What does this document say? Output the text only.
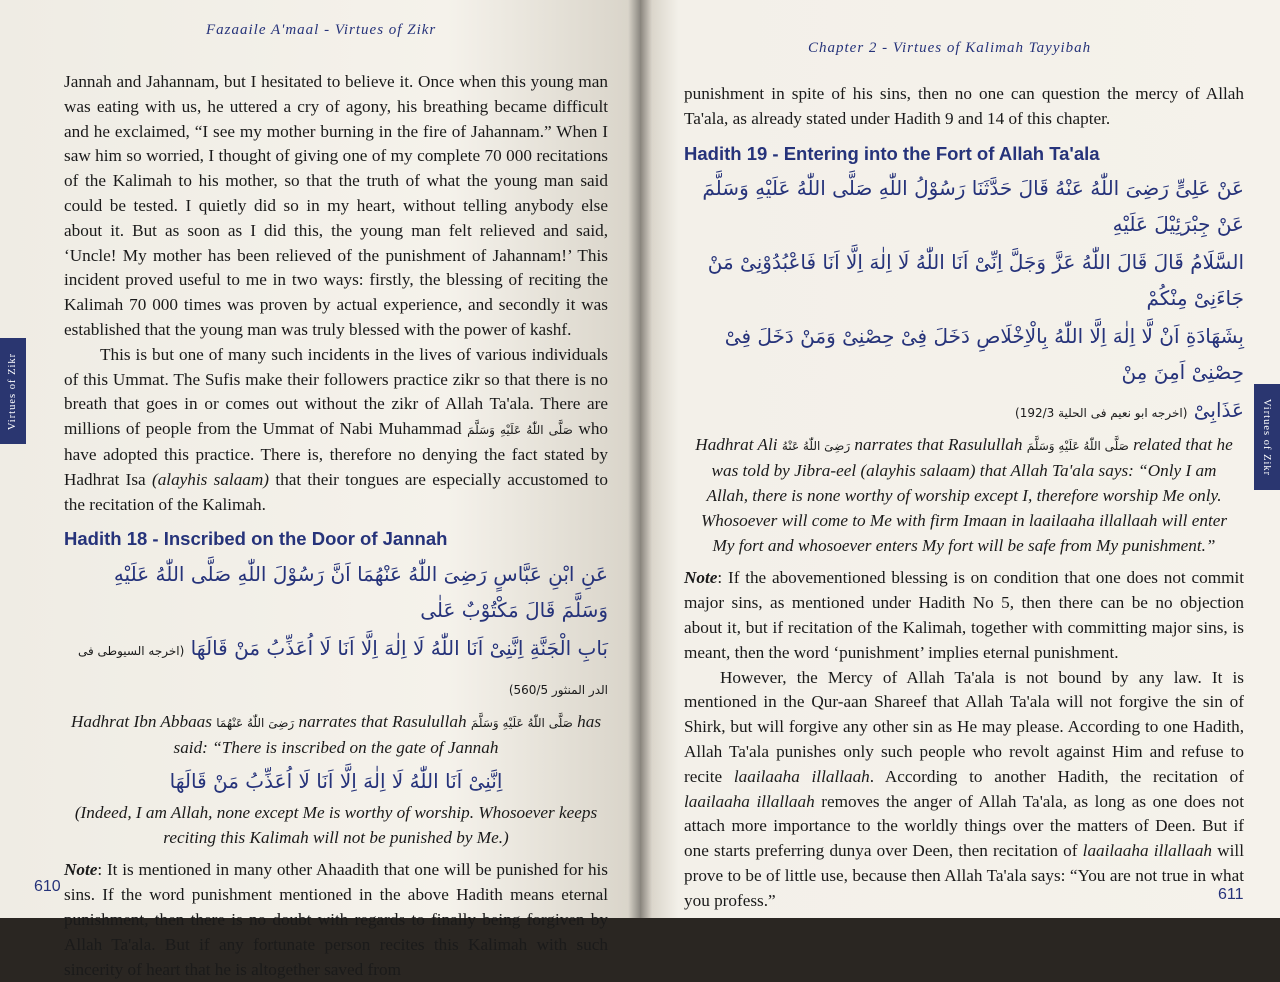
Fazaaile A'maal - Virtues of Zikr
Virtues of Zikr

Jannah and Jahannam, but I hesitated to believe it. Once when this young man was eating with us, he uttered a cry of agony, his breathing became difficult and he exclaimed, “I see my mother burning in the fire of Jahannam.” When I saw him so worried, I thought of giving one of my complete 70 000 recitations of the Kalimah to his mother, so that the truth of what the young man said could be tested. I quietly did so in my heart, without telling anybody else about it. But as soon as I did this, the young man felt relieved and said, ‘Uncle! My mother has been relieved of the punishment of Jahannam!’ This incident proved useful to me in two ways: firstly, the blessing of reciting the Kalimah 70 000 times was proven by actual experience, and secondly it was established that the young man was truly blessed with the power of kashf.

This is but one of many such incidents in the lives of various individuals of this Ummat. The Sufis make their followers practice zikr so that there is no breath that goes in or comes out without the zikr of Allah Ta'ala. There are millions of people from the Ummat of Nabi Muhammad صَلَّى اللّٰهُ عَلَيْهِ وَسَلَّمَ who have adopted this practice. There is, therefore no denying the fact stated by Hadhrat Isa (alayhis salaam) that their tongues are especially accustomed to the recitation of the Kalimah.

Hadith 18 - Inscribed on the Door of Jannah
عَنِ ابْنِ عَبَّاسٍ رَضِىَ اللّٰهُ عَنْهُمَا اَنَّ رَسُوْلَ اللّٰهِ صَلَّى اللّٰهُ عَلَيْهِ وَسَلَّمَ قَالَ مَكْتُوْبٌ عَلٰى
بَابِ الْجَنَّةِ اِنَّنِىْ اَنَا اللّٰهُ لَا اِلٰهَ اِلَّا اَنَا لَا اُعَذِّبُ مَنْ قَالَهَا (اخرجه السيوطى فى الدر المنثور 560/5)

Hadhrat Ibn Abbaas رَضِىَ اللّٰهُ عَنْهُمَا narrates that Rasulullah صَلَّى اللّٰهُ عَلَيْهِ وَسَلَّمَ has said: “There is inscribed on the gate of Jannah

اِنَّنِىْ اَنَا اللّٰهُ لَا اِلٰهَ اِلَّا اَنَا لَا اُعَذِّبُ مَنْ قَالَهَا

(Indeed, I am Allah, none except Me is worthy of worship. Whosoever keeps reciting this Kalimah will not be punished by Me.)

Note: It is mentioned in many other Ahaadith that one will be punished for his sins. If the word punishment mentioned in the above Hadith means eternal punishment, then there is no doubt with regards to finally being forgiven by Allah Ta'ala. But if any fortunate person recites this Kalimah with such sincerity of heart that he is altogether saved from

610
Chapter 2 - Virtues of Kalimah Tayyibah
Virtues of Zikr

punishment in spite of his sins, then no one can question the mercy of Allah Ta'ala, as already stated under Hadith 9 and 14 of this chapter.

Hadith 19 - Entering into the Fort of Allah Ta'ala
عَنْ عَلِىٍّ رَضِىَ اللّٰهُ عَنْهُ قَالَ حَدَّثَنَا رَسُوْلُ اللّٰهِ صَلَّى اللّٰهُ عَلَيْهِ وَسَلَّمَ عَنْ جِبْرَئِيْلَ عَلَيْهِ
السَّلَامُ قَالَ قَالَ اللّٰهُ عَزَّ وَجَلَّ اِنِّىْ اَنَا اللّٰهُ لَا اِلٰهَ اِلَّا اَنَا فَاعْبُدُوْنِىْ مَنْ جَاءَنِىْ مِنْكُمْ
بِشَهَادَةِ اَنْ لَّا اِلٰهَ اِلَّا اللّٰهُ بِالْاِخْلَاصِ دَخَلَ فِىْ حِصْنِىْ وَمَنْ دَخَلَ فِىْ حِصْنِىْ اَمِنَ مِنْ
عَذَابِىْ (اخرجه ابو نعيم فى الحلية 192/3)

Hadhrat Ali رَضِىَ اللّٰهُ عَنْهُ narrates that Rasulullah صَلَّى اللّٰهُ عَلَيْهِ وَسَلَّمَ related that he was told by Jibra-eel (alayhis salaam) that Allah Ta'ala says: “Only I am Allah, there is none worthy of worship except I, therefore worship Me only. Whosoever will come to Me with firm Imaan in laailaaha illallaah will enter My fort and whosoever enters My fort will be safe from My punishment.”

Note: If the abovementioned blessing is on condition that one does not commit major sins, as mentioned under Hadith No 5, then there can be no objection about it, but if recitation of the Kalimah, together with committing major sins, is meant, then the word ‘punishment’ implies eternal punishment.

However, the Mercy of Allah Ta'ala is not bound by any law. It is mentioned in the Qur-aan Shareef that Allah Ta'ala will not forgive the sin of Shirk, but will forgive any other sin as He may please. According to one Hadith, Allah Ta'ala punishes only such people who revolt against Him and refuse to recite laailaaha illallaah. According to another Hadith, the recitation of laailaaha illallaah removes the anger of Allah Ta'ala, as long as one does not attach more importance to the worldly things over the matters of Deen. But if one starts preferring dunya over Deen, then recitation of laailaaha illallaah will prove to be of little use, because then Allah Ta'ala says: “You are not true in what you profess.”	611
